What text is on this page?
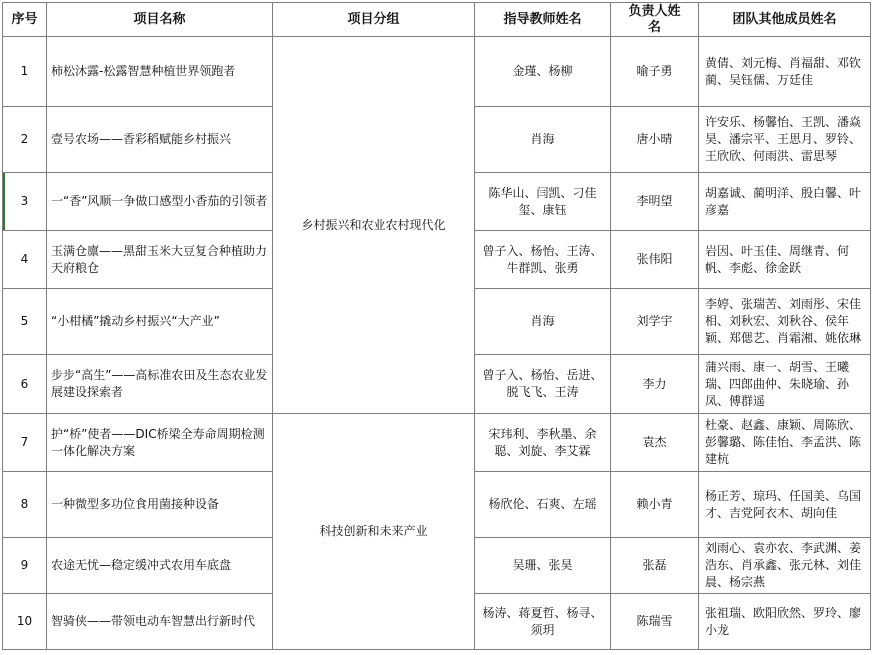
序号	项目名称	项目分组	指导教师姓名	负责人姓名	团队其他成员姓名
1	柿松沐露-松露智慧种植世界领跑者	乡村振兴和农业农村现代化	金瑾、杨柳	喻子勇	黄倩、刘元梅、肖福甜、邓钦蔺、吴钰儒、万廷佳
2	壹号农场——香彩稻赋能乡村振兴		肖海	唐小晴	许安乐、杨馨怡、王凯、潘焱昊、潘宗平、王思月、罗铃、王欣欣、何雨洪、雷思琴
3	一“香”风顺一争做口感型小香茄的引领者		陈华山、闫凯、刁佳玺、康钰	李明望	胡嘉诚、蔺明洋、殷白馨、叶彦嘉
4	玉满仓廪——黑甜玉米大豆复合种植助力天府粮仓		曾子入、杨怡、王涛、牛群凯、张勇	张伟阳	岩因、叶玉佳、周继青、何帆、李彪、徐金跃
5	“小柑橘”撬动乡村振兴“大产业”		肖海	刘学宇	李婷、张瑞苦、刘雨彤、宋佳相、刘秋宏、刘秋谷、侯年颖、郑偲艺、肖霜湘、姚依琳
6	步步“高生”——高标准农田及生态农业发展建设探索者		曾子入、杨怡、岳进、脱飞飞、王涛	李力	蒲兴雨、康一、胡雪、王曦瑞、四郎曲仲、朱晓瑜、孙凤、傅群遥
7	护“桥”使者——DIC桥梁全寿命周期检测一体化解决方案	科技创新和未来产业	宋玮利、李秋墨、余聪、刘旋、李艾霖	袁杰	杜豪、赵鑫、康颖、周陈欣、彭馨璐、陈佳怡、李孟洪、陈建杭
8	一种微型多功位食用菌接种设备		杨欣伦、石爽、左瑶	赖小青	杨正芳、琼玛、任国美、乌国才、吉党阿衣木、胡向佳
9	农途无忧—稳定缓冲式农用车底盘		吴珊、张昊	张磊	刘雨心、袁亦农、李武渊、姜浩东、肖承鑫、张元林、刘佳晨、杨宗燕
10	智骑侠——带领电动车智慧出行新时代		杨涛、蒋夏哲、杨寻、须玥	陈瑞雪	张祖瑞、欧阳欣然、罗玲、廖小龙
